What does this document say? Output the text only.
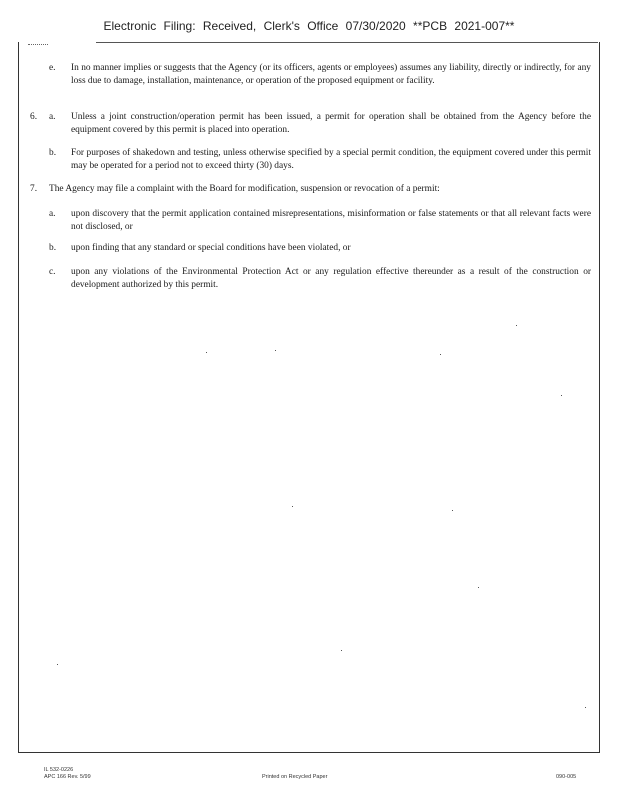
Electronic Filing: Received, Clerk's Office 07/30/2020 **PCB 2021-007**
e. In no manner implies or suggests that the Agency (or its officers, agents or employees) assumes any liability, directly or indirectly, for any loss due to damage, installation, maintenance, or operation of the proposed equipment or facility.
6. a. Unless a joint construction/operation permit has been issued, a permit for operation shall be obtained from the Agency before the equipment covered by this permit is placed into operation.
b. For purposes of shakedown and testing, unless otherwise specified by a special permit condition, the equipment covered under this permit may be operated for a period not to exceed thirty (30) days.
7. The Agency may file a complaint with the Board for modification, suspension or revocation of a permit:
a. upon discovery that the permit application contained misrepresentations, misinformation or false statements or that all relevant facts were not disclosed, or
b. upon finding that any standard or special conditions have been violated, or
c. upon any violations of the Environmental Protection Act or any regulation effective thereunder as a result of the construction or development authorized by this permit.
IL 532-0226
APC 166 Rev. 5/99	Printed on Recycled Paper	090-005
